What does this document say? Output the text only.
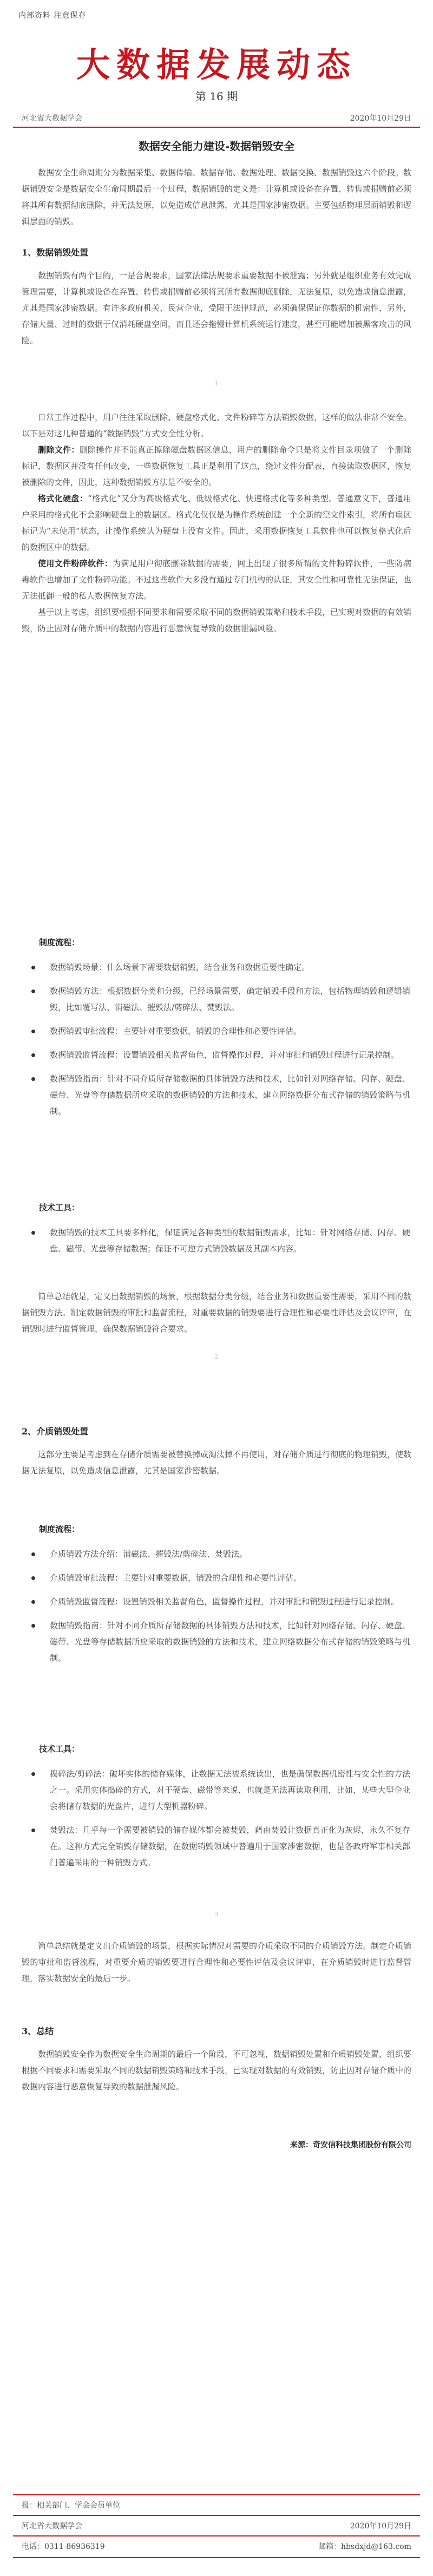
内部资料 注意保存
大数据发展动态
第 16 期
河北省大数据学会	2020年10月29日
数据安全能力建设-数据销毁安全

数据安全生命周期分为数据采集、数据传输、数据存储、数据处理、数据交换、数据销毁这六个阶段。数据销毁安全是数据安全生命周期最后一个过程，数据销毁的定义是：计算机或设备在弃置、转售或捐赠前必须将其所有数据彻底删除，并无法复原，以免造成信息泄露，尤其是国家涉密数据。主要包括物理层面销毁和逻辑层面的销毁。

1、数据销毁处置

数据销毁有两个目的，一是合规要求，国家法律法规要求重要数据不被泄露；另外就是组织业务有效完成管理需要，计算机或设备在弃置、转售或捐赠前必须将其所有数据彻底删除，无法复原，以免造成信息泄露，尤其是国家涉密数据。有许多政府机关、民营企业，受限于法律规范，必须确保保证你数据的机密性，另外，存储大量、过时的数据于仅消耗硬盘空间，而且还会拖慢计算机系统运行速度，甚至可能增加被黑客攻击的风险。

1

日常工作过程中，用户往往采取删除、硬盘格式化、文件粉碎等方法销毁数据，这样的做法非常不安全。以下是对这几种普通的“数据销毁”方式安全性分析。

删除文件：删除操作并不能真正擦除磁盘数据区信息，用户的删除命令只是将文件目录项做了一个删除标记，数据区并没有任何改变，一些数据恢复工具正是利用了这点，绕过文件分配表，直接读取数据区，恢复被删除的文件，因此，这种数据销毁方法是不安全的。

格式化硬盘：“格式化”又分为高级格式化、低级格式化、快速格式化等多种类型。普通意义下，普通用户采用的格式化不会影响硬盘上的数据区。格式化仅仅是为操作系统创建一个全新的空文件索引，将所有扇区标记为“未使用”状态，让操作系统认为硬盘上没有文件。因此，采用数据恢复工具软件也可以恢复格式化后的数据区中的数据。

使用文件粉碎软件：为满足用户彻底删除数据的需要，网上出现了很多所谓的文件粉碎软件，一些防病毒软件也增加了文件粉碎功能。不过这些软件大多没有通过专门机构的认证，其安全性和可靠性无法保证，也无法抵御一般的私人数据恢复方法。

基于以上考虑，组织要根据不同要求和需要采取不同的数据销毁策略和技术手段，已实现对数据的有效销毁，防止因对存储介质中的数据内容进行恶意恢复导致的数据泄漏风险。

制度流程：
数据销毁场景：什么场景下需要数据销毁，结合业务和数据重要性确定。
数据销毁方法：根据数据分类和分级，已经场景需要，确定销毁手段和方法，包括物理销毁和逻辑销毁，比如覆写法、消磁法、摧毁法/剪碎法、焚毁法。
数据销毁审批流程：主要针对重要数据，销毁的合理性和必要性评估。
数据销毁监督流程：设置销毁相关监督角色，监督操作过程，并对审批和销毁过程进行记录控制。
数据销毁指南：针对不同介质所存储数据的具体销毁方法和技术，比如针对网络存储、闪存、硬盘、磁带、光盘等存储数据所应采取的数据销毁的方法和技术，建立网络数据分布式存储的销毁策略与机制。
技术工具：
数据销毁的技术工具要多样化，保证满足各种类型的数据销毁需求，比如：针对网络存储、闪存、硬盘、磁带、光盘等存储数据；保证不可逆方式销毁数据及其副本内容。

简单总结就是，定义出数据销毁的场景，根据数据分类分级，结合业务和数据重要性需要，采用不同的数据销毁方法。制定数据销毁的审批和监督流程，对重要数据的销毁要进行合理性和必要性评估及会议评审，在销毁时进行监督管理，确保数据销毁符合要求。

2
2、介质销毁处置

这部分主要是考虑到在存储介质需要被替换掉或淘汰掉不再使用，对存储介质进行彻底的物理销毁，使数据无法复原，以免造成信息泄露，尤其是国家涉密数据。

制度流程：
介质销毁方法介绍：消磁法、摧毁法/剪碎法、焚毁法。
介质销毁审批流程：主要针对重要数据，销毁的合理性和必要性评估。
介质销毁监督流程：设置销毁相关监督角色，监督操作过程，并对审批和销毁过程进行记录控制。
数据销毁指南：针对不同介质所存储数据的具体销毁方法和技术，比如针对网络存储、闪存、硬盘、磁带、光盘等存储数据所应采取的数据销毁的方法和技术，建立网络数据分布式存储的销毁策略与机制。
技术工具：
捣碎法/剪碎法：破坏实体的储存媒体，让数据无法被系统读出，也是确保数据机密性与安全性的方法之一。采用实体捣碎的方式，对于硬盘、磁带等来说，也就是无法再读取利用，比如，某些大型企业会将储存数据的光盘片，进行大型机器粉碎。
焚毁法：几乎每一个需要被销毁的储存媒体都会被焚毁，藉由焚毁让数据真正化为灰烬，永久不复存在。这种方式完全销毁存储数据，在数据销毁领域中普遍用于国家涉密数据，也是各政府军事相关部门普遍采用的一种销毁方式。
3

简单总结就是定义出介质销毁的场景，根据实际情况对需要的介质采取不同的介质销毁方法。制定介质销毁的审批和监督流程，对重要介质的销毁要进行合理性和必要性评估及会议评审，在介质销毁时进行监督管理，落实数据安全的最后一步。

3、总结

数据销毁安全作为数据安全生命周期的最后一个阶段，不可忽视，数据销毁处置和介质销毁处置，组织要根据不同要求和需要采取不同的数据销毁策略和技术手段，已实现对数据的有效销毁，防止因对存储介质中的数据内容进行恶意恢复导致的数据泄漏风险。

来源：奇安信科技集团股份有限公司
报：相关部门、学会会员单位
河北省大数据学会	2020年10月29日
电话：0311-86936319	邮箱：hbsdxjd@163.com
